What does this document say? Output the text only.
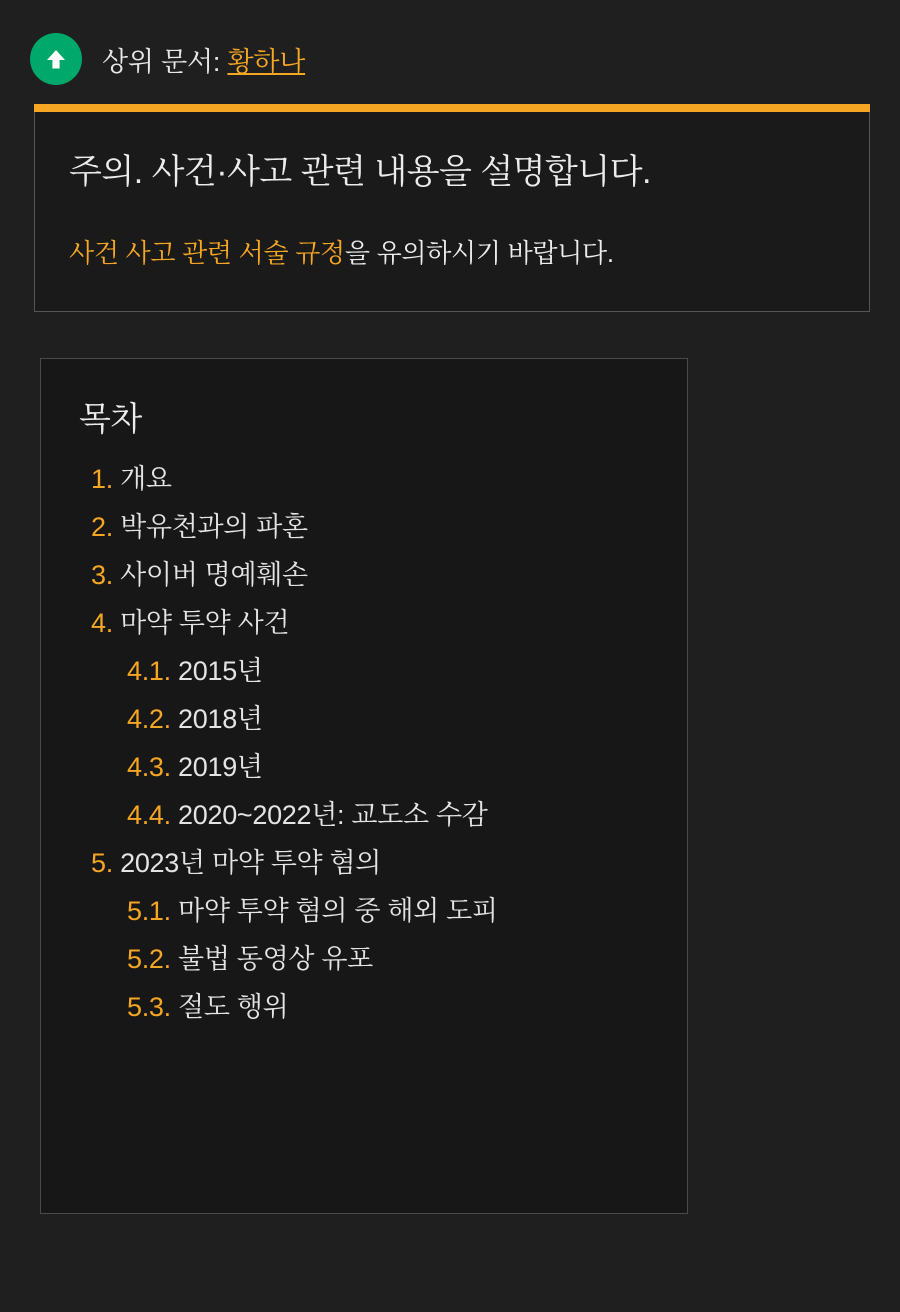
상위 문서: 황하나
주의. 사건·사고 관련 내용을 설명합니다.
사건 사고 관련 서술 규정을 유의하시기 바랍니다.
목차
1. 개요
2. 박유천과의 파혼
3. 사이버 명예훼손
4. 마약 투약 사건
4.1. 2015년
4.2. 2018년
4.3. 2019년
4.4. 2020~2022년: 교도소 수감
5. 2023년 마약 투약 혐의
5.1. 마약 투약 혐의 중 해외 도피
5.2. 불법 동영상 유포
5.3. 절도 행위
